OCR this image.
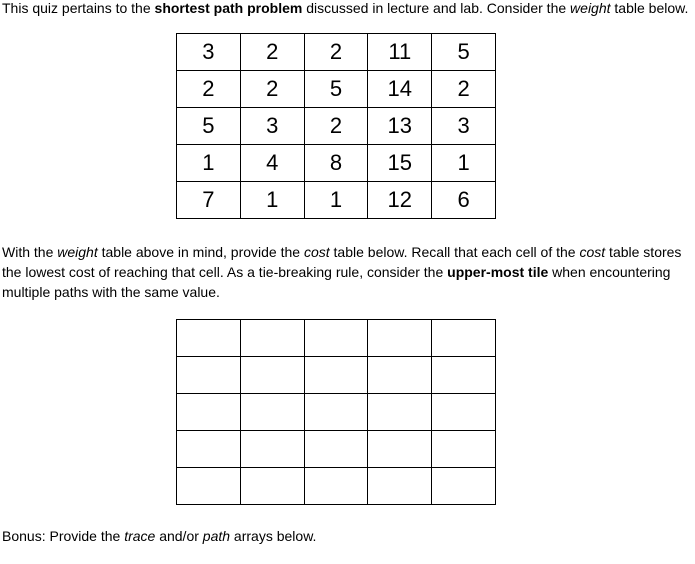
This quiz pertains to the shortest path problem discussed in lecture and lab. Consider the weight table below.

3	2	2	11	5
2	2	5	14	2
5	3	2	13	3
1	4	8	15	1
7	1	1	12	6

With the weight table above in mind, provide the cost table below. Recall that each cell of the cost table stores the lowest cost of reaching that cell. As a tie-breaking rule, consider the upper-most tile when encountering multiple paths with the same value.

Bonus: Provide the trace and/or path arrays below.
